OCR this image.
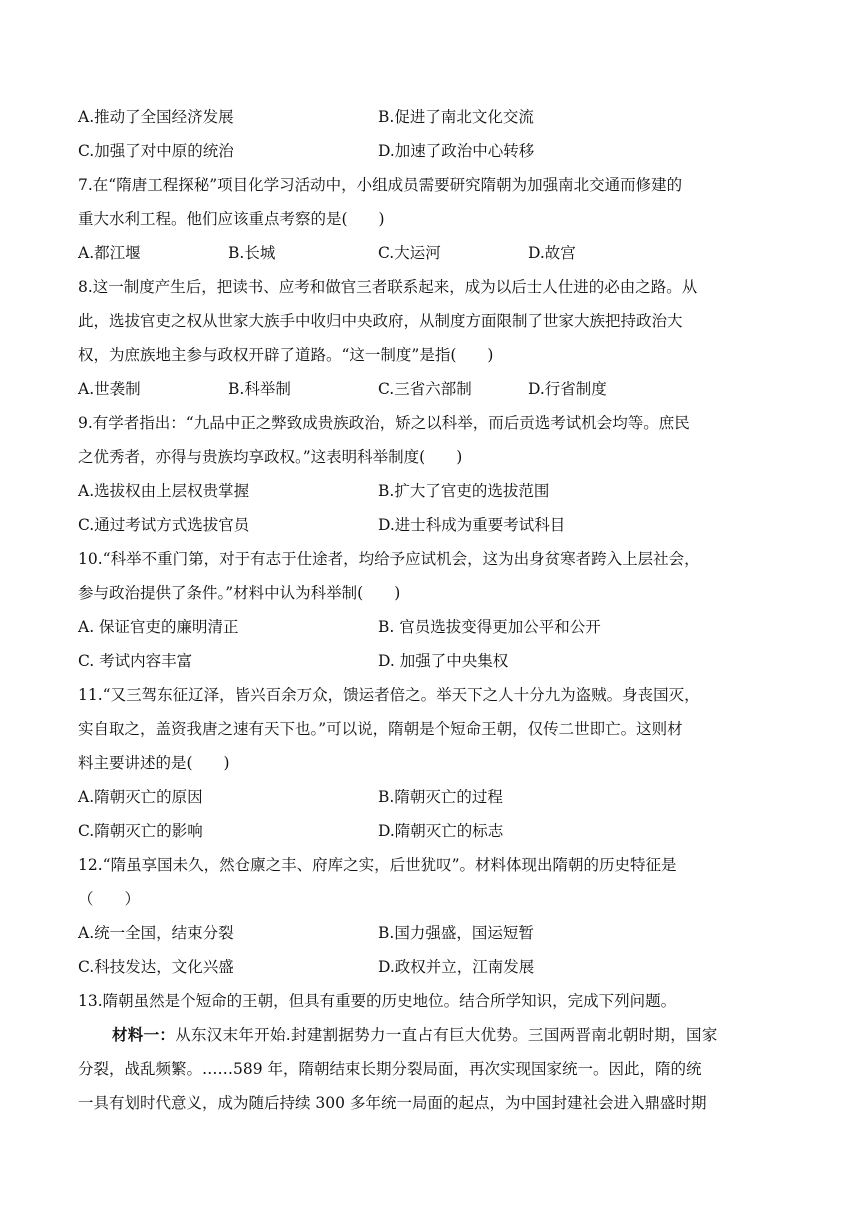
A.推动了全国经济发展	B.促进了南北文化交流
C.加强了对中原的统治	D.加速了政治中心转移
7.在“隋唐工程探秘”项目化学习活动中，小组成员需要研究隋朝为加强南北交通而修建的
重大水利工程。他们应该重点考察的是(　　)
A.都江堰	B.长城	C.大运河	D.故宫
8.这一制度产生后，把读书、应考和做官三者联系起来，成为以后士人仕进的必由之路。从
此，选拔官吏之权从世家大族手中收归中央政府，从制度方面限制了世家大族把持政治大
权，为庶族地主参与政权开辟了道路。“这一制度”是指(　　)
A.世袭制	B.科举制	C.三省六部制	D.行省制度
9.有学者指出：“九品中正之弊致成贵族政治，矫之以科举，而后贡选考试机会均等。庶民
之优秀者，亦得与贵族均享政权。”这表明科举制度(　　)
A.选拔权由上层权贵掌握	B.扩大了官吏的选拔范围
C.通过考试方式选拔官员	D.进士科成为重要考试科目
10.“科举不重门第，对于有志于仕途者，均给予应试机会，这为出身贫寒者跨入上层社会，
参与政治提供了条件。”材料中认为科举制(　　)
A. 保证官吏的廉明清正	B. 官员选拔变得更加公平和公开
C. 考试内容丰富	D. 加强了中央集权
11.“又三驾东征辽泽，皆兴百余万众，馈运者倍之。举天下之人十分九为盗贼。身丧国灭，
实自取之，盖资我唐之速有天下也。”可以说，隋朝是个短命王朝，仅传二世即亡。这则材
料主要讲述的是(　　)
A.隋朝灭亡的原因	B.隋朝灭亡的过程
C.隋朝灭亡的影响	D.隋朝灭亡的标志
12.“隋虽享国未久，然仓廪之丰、府库之实，后世犹叹”。材料体现出隋朝的历史特征是
（　　）
A.统一全国，结束分裂	B.国力强盛，国运短暂
C.科技发达，文化兴盛	D.政权并立，江南发展
13.隋朝虽然是个短命的王朝，但具有重要的历史地位。结合所学知识，完成下列问题。
材料一：从东汉末年开始.封建割据势力一直占有巨大优势。三国两晋南北朝时期，国家
分裂，战乱频繁。……589 年，隋朝结束长期分裂局面，再次实现国家统一。因此，隋的统
一具有划时代意义，成为随后持续 300 多年统一局面的起点，为中国封建社会进入鼎盛时期
